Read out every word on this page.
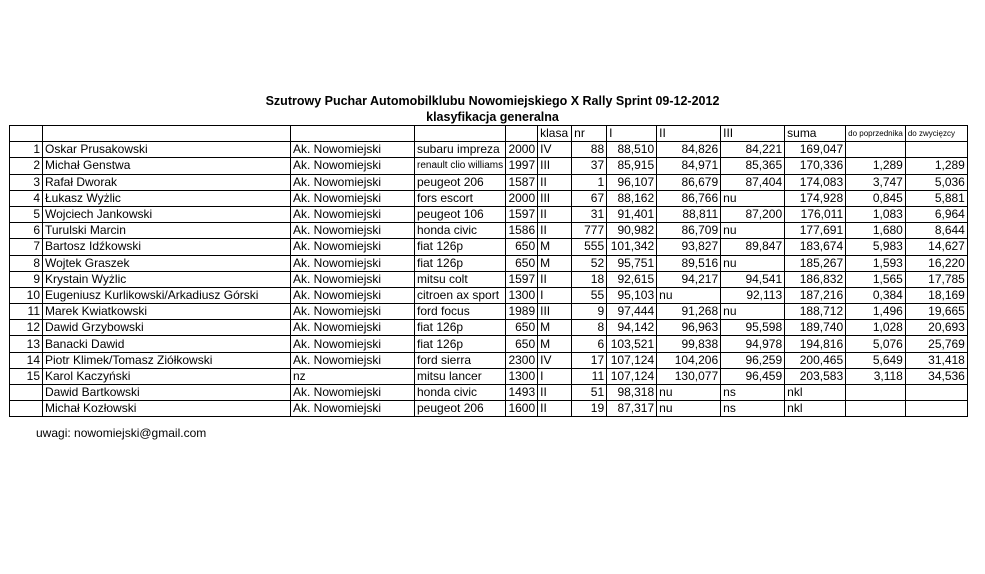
Szutrowy Puchar Automobilklubu Nowomiejskiego X Rally Sprint 09-12-2012
klasyfikacja generalna
					klasa	nr	I	II	III	suma	do poprzednika	do zwycięzcy
1	Oskar Prusakowski	Ak. Nowomiejski	subaru impreza	2000	IV	88	88,510	84,826	84,221	169,047		
2	Michał Genstwa	Ak. Nowomiejski	renault clio williams	1997	III	37	85,915	84,971	85,365	170,336	1,289	1,289
3	Rafał Dworak	Ak. Nowomiejski	peugeot 206	1587	II	1	96,107	86,679	87,404	174,083	3,747	5,036
4	Łukasz Wyżlic	Ak. Nowomiejski	fors escort	2000	III	67	88,162	86,766	nu	174,928	0,845	5,881
5	Wojciech Jankowski	Ak. Nowomiejski	peugeot 106	1597	II	31	91,401	88,811	87,200	176,011	1,083	6,964
6	Turulski Marcin	Ak. Nowomiejski	honda civic	1586	II	777	90,982	86,709	nu	177,691	1,680	8,644
7	Bartosz Idźkowski	Ak. Nowomiejski	fiat 126p	650	M	555	101,342	93,827	89,847	183,674	5,983	14,627
8	Wojtek Graszek	Ak. Nowomiejski	fiat 126p	650	M	52	95,751	89,516	nu	185,267	1,593	16,220
9	Krystain Wyżlic	Ak. Nowomiejski	mitsu colt	1597	II	18	92,615	94,217	94,541	186,832	1,565	17,785
10	Eugeniusz Kurlikowski/Arkadiusz Górski	Ak. Nowomiejski	citroen ax sport	1300	I	55	95,103	nu	92,113	187,216	0,384	18,169
11	Marek Kwiatkowski	Ak. Nowomiejski	ford focus	1989	III	9	97,444	91,268	nu	188,712	1,496	19,665
12	Dawid Grzybowski	Ak. Nowomiejski	fiat 126p	650	M	8	94,142	96,963	95,598	189,740	1,028	20,693
13	Banacki Dawid	Ak. Nowomiejski	fiat 126p	650	M	6	103,521	99,838	94,978	194,816	5,076	25,769
14	Piotr Klimek/Tomasz Ziółkowski	Ak. Nowomiejski	ford sierra	2300	IV	17	107,124	104,206	96,259	200,465	5,649	31,418
15	Karol Kaczyński	nz	mitsu lancer	1300	I	11	107,124	130,077	96,459	203,583	3,118	34,536
	Dawid Bartkowski	Ak. Nowomiejski	honda civic	1493	II	51	98,318	nu	ns	nkl		
	Michał Kozłowski	Ak. Nowomiejski	peugeot 206	1600	II	19	87,317	nu	ns	nkl		
uwagi: nowomiejski@gmail.com
